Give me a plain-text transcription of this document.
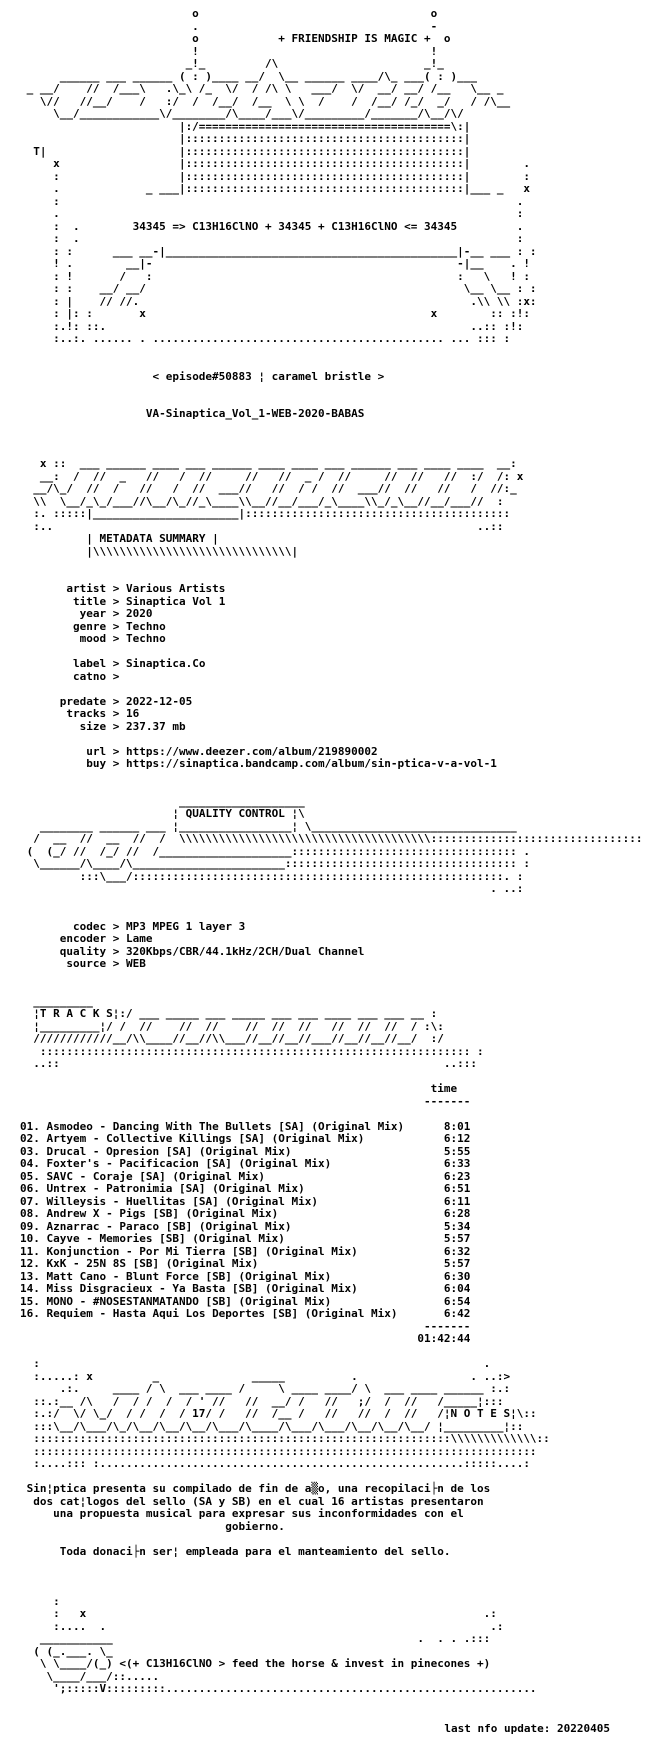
o                                   o
.                                   -
o            + FRIENDSHIP IS MAGIC +  o
!                                   !
_!_         /\                      _!_
______ ___ ______ ( : )____ __/  \__ ______ ____/\_ ___( : )___
_ __/    //  /___\   .\_\ /_  \/  / /\ \   ___/  \/  __/ __/ /__   \__ _
\//   //__/    /   :/  /  /__/  /__  \ \  /    /  /__/ /_/  _/   / /\__
\__/____________\/________/\____/___\/_________/_______/\__/\/
|:/======================================\:|
|::::::::::::::::::::::::::::::::::::::::::|
T|                    |::::::::::::::::::::::::::::::::::::::::::|
x                  |::::::::::::::::::::::::::::::::::::::::::|        .
:                  |::::::::::::::::::::::::::::::::::::::::::|        :
.             _ ___|::::::::::::::::::::::::::::::::::::::::::|___ _   x
:                                                                     .
.                                                                     :
:  .        34345 => C13H16ClNO + 34345 + C13H16ClNO <= 34345         .
:  .                                                                  :
: :      ___ __-|____________________________________________|-__ ___ : :
! .        __|-                                              -|__    . !
: !       /   :                                              :   \   ! :
: :    __/ __/                                                \__ \__ : :
: |    // //.                                                  .\\ \\ :x:
: |: :       x                                           x        :: :!:
:.!: ::.                                                       ..:: :!:
:..:. ...... . ............................................ ... ::: :

< episode#50883 ¦ caramel bristle >

VA-Sinaptica_Vol_1-WEB-2020-BABAS

x ::  ___ ______ ____ ___ ______ ____ ____ ___ ______ ___ ____ ____  __:
__:  /  //  _   //   /  //     //   //  _ /  //     //  //   //  :/  /: x
__/\_/  //  /   //   /  //  ___//   //  / /  //  ___//  //   //   /  //:_
\\  \__/_\_/___//\__/\_//_\____\\__//__/___/_\____\\_/_\__//__/___//  :
:. :::::|______________________|::::::::::::::::::::::::::::::::::::::::
:..                                                                ..::
| METADATA SUMMARY |
|\\\\\\\\\\\\\\\\\\\\\\\\\\\\\\|

artist > Various Artists
title > Sinaptica Vol 1
year > 2020
genre > Techno
mood > Techno

label > Sinaptica.Co
catno >

predate > 2022-12-05
tracks > 16
size > 237.37 mb

url > https://www.deezer.com/album/219890002
buy > https://sinaptica.bandcamp.com/album/sin-ptica-v-a-vol-1

___________________
¦ QUALITY CONTROL ¦\
________ ______ ___ ¦_________________¦ \_______________________________
/  __  //  __  //  /  \\\\\\\\\\\\\\\\\\\\\\\\\\\\\\\\\\\\\\::::::::::::::::::::::::::::::::
(  (_/ //  /_/ //  /____________________:::::::::::::::::::::::::::::::::: .
\______/\____/\_______________________::::::::::::::::::::::::::::::::::: :
:::\___/::::::::::::::::::::::::::::::::::::::::::::::::::::::::. :
. ..:

codec > MP3 MPEG 1 layer 3
encoder > Lame
quality > 320Kbps/CBR/44.1kHz/2CH/Dual Channel
source > WEB

_________
¦T R A C K S¦:/ ___ _____ ___ _____ ___ ___ ____ ___ ___ __ :
¦_________¦/ /  //    //  //    //  //  //   //  //  //  / :\:
////////////__/\\____//__//\\___//__//__//___//__//__//__/  :/
::::::::::::::::::::::::::::::::::::::::::::::::::::::::::::::::: :
..::                                                          ..:::

time
-------

01. Asmodeo - Dancing With The Bullets [SA] (Original Mix)	8:01
02. Artyem - Collective Killings [SA] (Original Mix)	6:12
03. Drucal - Opresion [SA] (Original Mix)	5:55
04. Foxter's - Pacificacion [SA] (Original Mix)	6:33
05. SAVC - Coraje [SA] (Original Mix)	6:23
06. Untrex - Patronimia [SA] (Original Mix)	6:51
07. Willeysis - Huellitas [SA] (Original Mix)	6:11
08. Andrew X - Pigs [SB] (Original Mix)	6:28
09. Aznarrac - Paraco [SB] (Original Mix)	5:34
10. Cayve - Memories [SB] (Original Mix)	5:57
11. Konjunction - Por Mi Tierra [SB] (Original Mix)	6:32
12. KxK - 25N 8S [SB] (Original Mix)	5:57
13. Matt Cano - Blunt Force [SB] (Original Mix)	6:30
14. Miss Disgracieux - Ya Basta [SB] (Original Mix)	6:04
15. MONO - #NOSESTANMATANDO [SB] (Original Mix)	6:54
16. Requiem - Hasta Aqui Los Deportes [SB] (Original Mix)	6:42
-------
01:42:44

:                                                                   .
:.....: x         _              _____          .                 . ..:>
.:.     ____ / \  ___ ____ /     \ ____ ____/ \  ___ ____ ______ :.:
::.:__ /\   /  / /  /  / ' //   //  __/ /   //   ;/  /  //   /_____¦:::
:.:/  \/ \_/  / /  /  / 17/ /   //  /__ /   //   //  /  //   /¦N O T E S¦\::
:::\__/\___/\_/\__/\__/\__/\___/\____/\___/\___/\__/\__/\__/ ¦_________¦::
:::::::::::::::::::::::::::::::::::::::::::::::::::::::::::::::\\\\\\\\\\\\\::
::::::::::::::::::::::::::::::::::::::::::::::::::::::::::::::::::::::::::::
:....::: :.......................................................:::::....:

Sin¦ptica presenta su compilado de fin de a▒o, una recopilaci├n de los
dos cat¦logos del sello (SA y SB) en el cual 16 artistas presentaron
una propuesta musical para expresar sus inconformidades con el
gobierno.

Toda donaci├n ser¦ empleada para el manteamiento del sello.

:
:   x                                                            .:
:....  .                                                          .:
___________                                              .  . . .:::
( (_.___. \_
\ \____/(_) <(+ C13H16ClNO > feed the horse & invest in pinecones +)
\____/___/::.....
';:::::V:::::::::........................................................

last nfo update: 20220405
